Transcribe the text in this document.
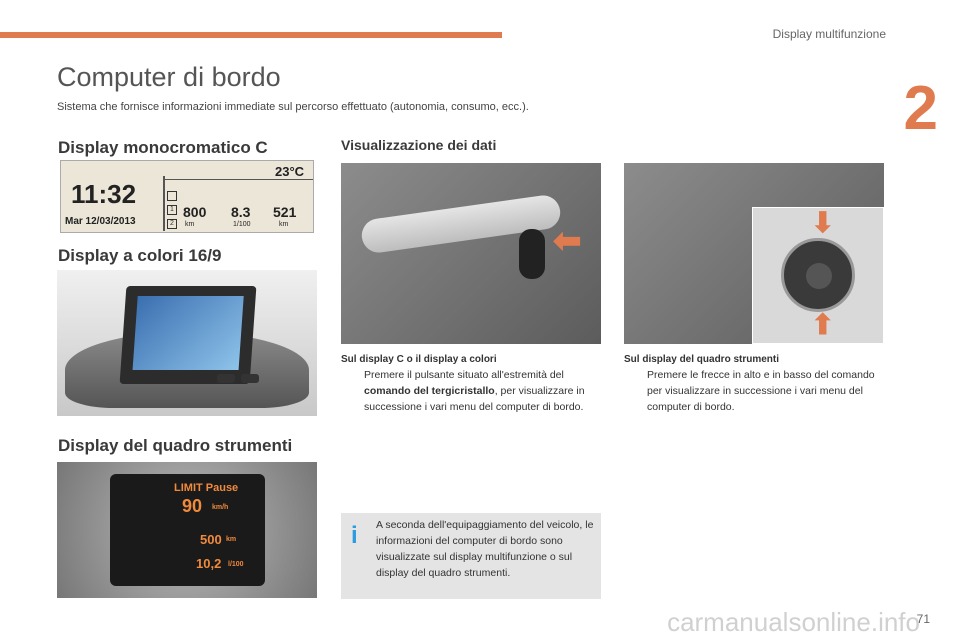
Display multifunzione
2
Computer di bordo

Sistema che fornisce informazioni immediate sul percorso effettuato (autonomia, consumo, ecc.).

Display monocromatico C
11:32
Mar 12/03/2013
23°C
1
2
800
km
8.3
1/100
521
km
Display a colori 16/9
Display del quadro strumenti
LIMIT Pause
90 km/h
500 km
10,2 l/100
Visualizzazione dei dati
⬅	⬇
⬆
Sul display C o il display a colori
Premere il pulsante situato all'estremità del comando del tergicristallo, per visualizzare in successione i vari menu del computer di bordo.
Sul display del quadro strumenti
Premere le frecce in alto e in basso del comando per visualizzare in successione i vari menu del computer di bordo.
i	A seconda dell'equipaggiamento del veicolo, le informazioni del computer di bordo sono visualizzate sul display multifunzione o sul display del quadro strumenti.
carmanualsonline.info
71
